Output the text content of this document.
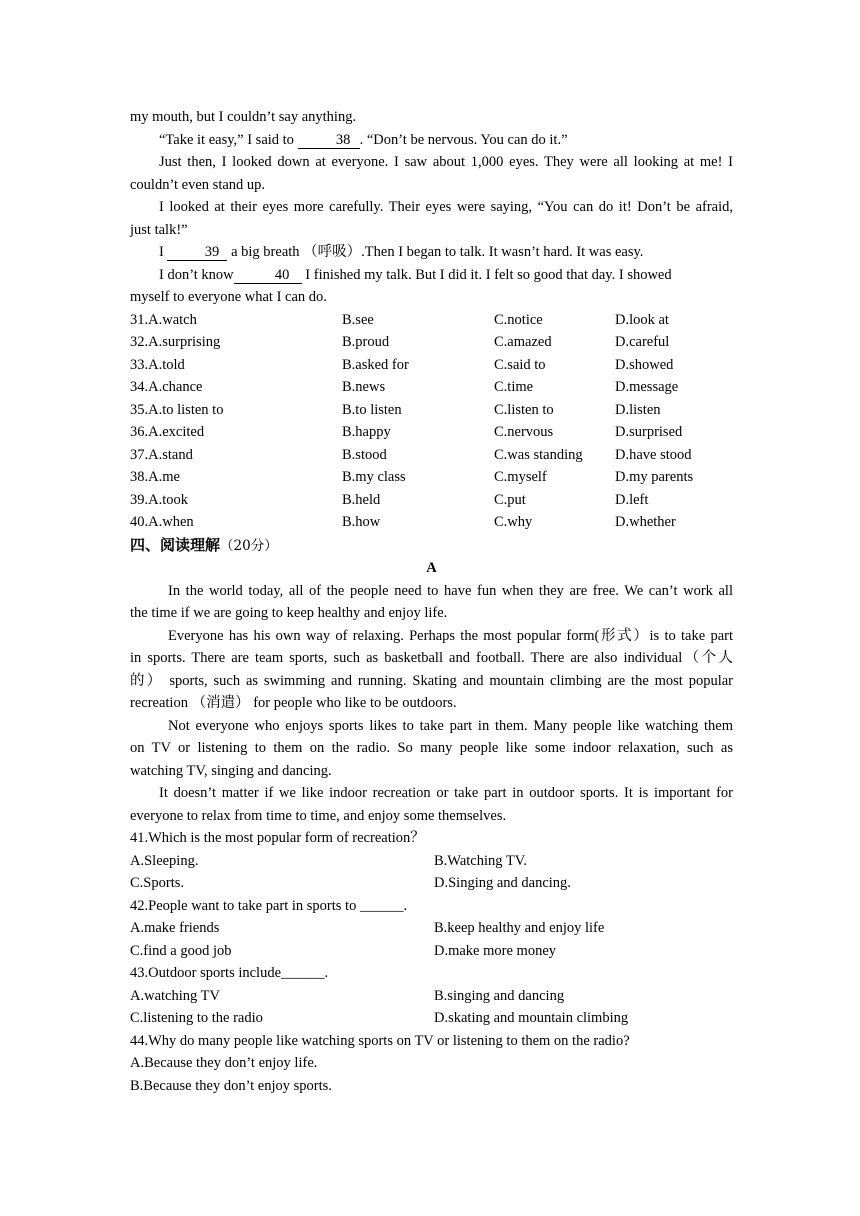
my mouth, but I couldn’t say anything.
“Take it easy,” I said to	38 . “Don’t be nervous. You can do it.”
Just then, I looked down at everyone. I saw about 1,000 eyes. They were all looking at me! I
couldn’t even stand up.
I looked at their eyes more carefully. Their eyes were saying, “You can do it! Don’t be afraid,
just talk!”
I	39 a big breath （呼吸）.Then I began to talk. It wasn’t hard. It was easy.
I don’t know	40 I finished my talk. But I did it. I felt so good that day. I showed
myself to everyone what I can do.
31.A.watch	B.see	C.notice	D.look at
32.A.surprising	B.proud	C.amazed	D.careful
33.A.told	B.asked for	C.said to	D.showed
34.A.chance	B.news	C.time	D.message
35.A.to listen to	B.to listen	C.listen to	D.listen
36.A.excited	B.happy	C.nervous	D.surprised
37.A.stand	B.stood	C.was standing D.have stood
38.A.me	B.my class	C.myself	D.my parents
39.A.took	B.held	C.put	D.left
40.A.when	B.how	C.why	D.whether
四、阅读理解（20分）
A
In the world today, all of the people need to have fun when they are free. We can’t work all
the time if we are going to keep healthy and enjoy life.
Everyone has his own way of relaxing. Perhaps the most popular form(形式）is to take part
in sports. There are team sports, such as basketball and football. There are also individual（个人
的） sports, such as swimming and running. Skating and mountain climbing are the most popular
recreation （消遣） for people who like to be outdoors.
Not everyone who enjoys sports likes to take part in them. Many people like watching them
on TV or listening to them on the radio. So many people like some indoor relaxation, such as
watching TV, singing and dancing.
It doesn’t matter if we like indoor recreation or take part in outdoor sports. It is important for
everyone to relax from time to time, and enjoy some themselves.
41.Which is the most popular form of recreation？
A.Sleeping.	B.Watching TV.
C.Sports.	D.Singing and dancing.
42.People want to take part in sports to ______.
A.make friends	B.keep healthy and enjoy life
C.find a good job	D.make more money
43.Outdoor sports include______.
A.watching TV	B.singing and dancing
C.listening to the radio	D.skating and mountain climbing
44.Why do many people like watching sports on TV or listening to them on the radio?
A.Because they don’t enjoy life.
B.Because they don’t enjoy sports.
